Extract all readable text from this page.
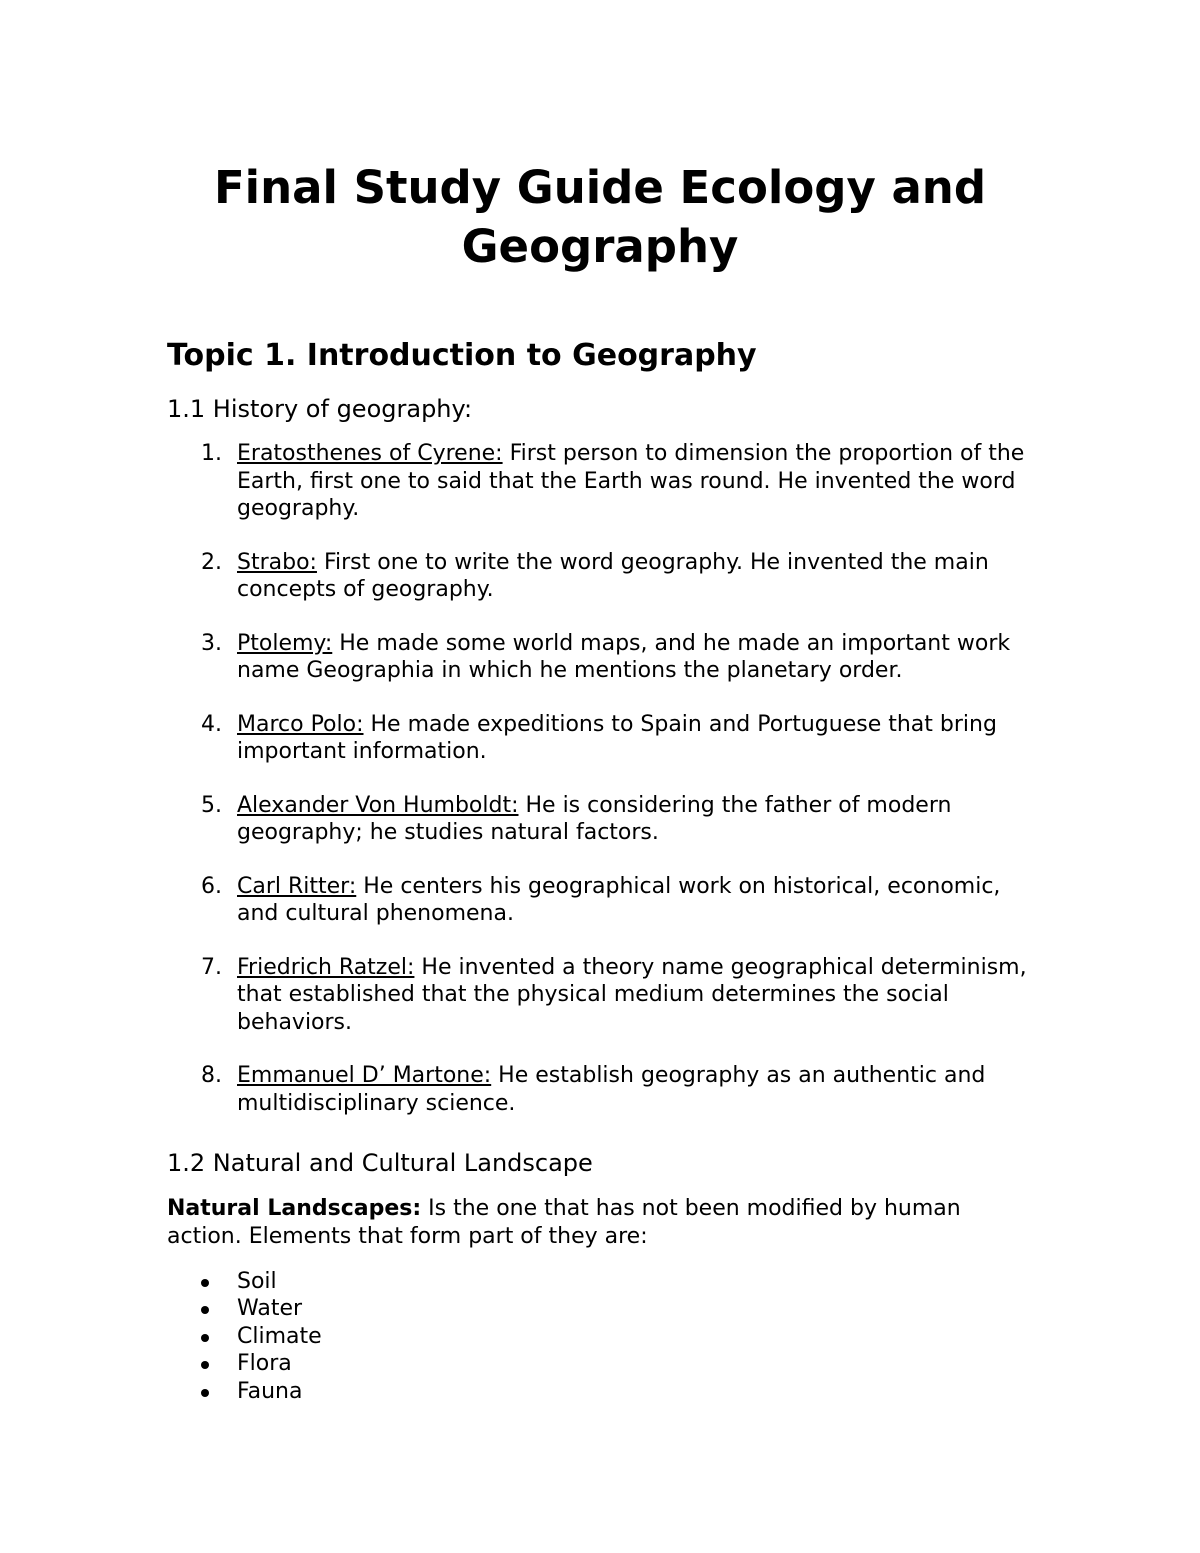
Final Study Guide Ecology and Geography
Topic 1. Introduction to Geography
1.1 History of geography:
1. Eratosthenes of Cyrene: First person to dimension the proportion of the Earth, first one to said that the Earth was round. He invented the word geography.
2. Strabo: First one to write the word geography. He invented the main concepts of geography.
3. Ptolemy: He made some world maps, and he made an important work name Geographia in which he mentions the planetary order.
4. Marco Polo: He made expeditions to Spain and Portuguese that bring important information.
5. Alexander Von Humboldt: He is considering the father of modern geography; he studies natural factors.
6. Carl Ritter: He centers his geographical work on historical, economic, and cultural phenomena.
7. Friedrich Ratzel: He invented a theory name geographical determinism, that established that the physical medium determines the social behaviors.
8. Emmanuel D’ Martone: He establish geography as an authentic and multidisciplinary science.
1.2 Natural and Cultural Landscape

Natural Landscapes: Is the one that has not been modified by human action. Elements that form part of they are:

Soil
Water
Climate
Flora
Fauna
